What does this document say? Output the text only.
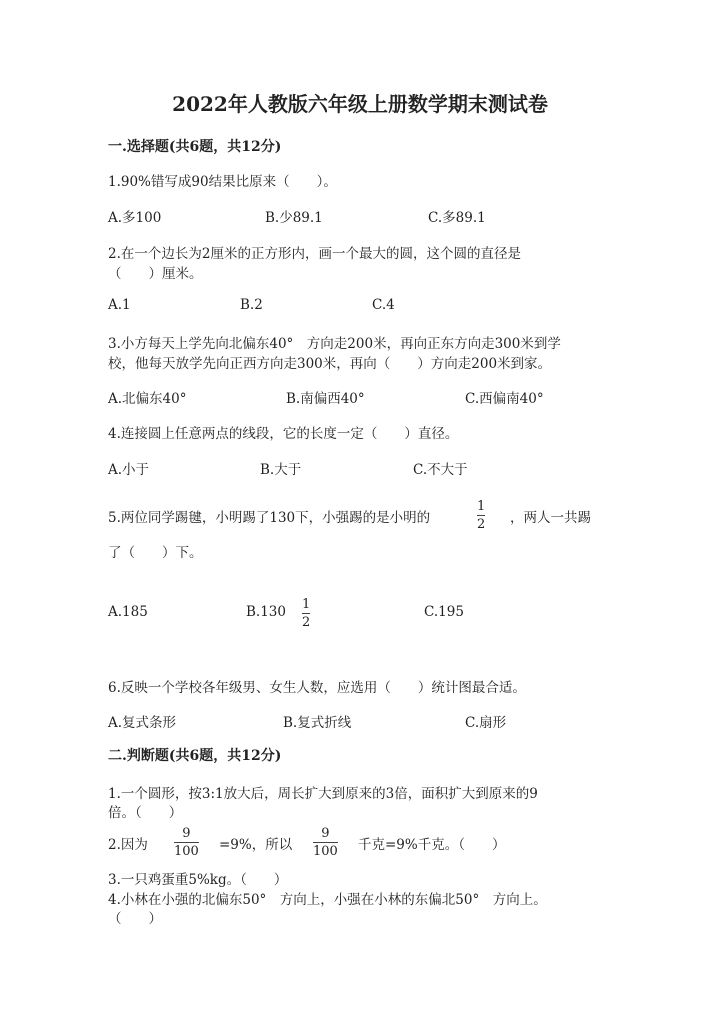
2022年人教版六年级上册数学期末测试卷
一.选择题(共6题，共12分)
1.90%错写成90结果比原来（　　）。
A.多100	B.少89.1	C.多89.1
2.在一个边长为2厘米的正方形内，画一个最大的圆，这个圆的直径是
（　　）厘米。
A.1	B.2	C.4
3.小方每天上学先向北偏东40°　方向走200米，再向正东方向走300米到学
校，他每天放学先向正西方向走300米，再向（　　）方向走200米到家。
A.北偏东40°	B.南偏西40°	C.西偏南40°
4.连接圆上任意两点的线段，它的长度一定（　　）直径。
A.小于	B.大于	C.不大于
5.两位同学踢毽，小明踢了130下，小强踢的是小明的
1
2 ，两人一共踢
了（　　）下。
A.185	B.130 1
2
C.195
6.反映一个学校各年级男、女生人数，应选用（　　）统计图最合适。
A.复式条形	B.复式折线	C.扇形
二.判断题(共6题，共12分)
1.一个圆形，按3:1放大后，周长扩大到原来的3倍，面积扩大到原来的9
倍。（　　）
2.因为
9
100 =9%，所以
9
100 千克=9%千克。（　　）
3.一只鸡蛋重5%kg。（　　）
4.小林在小强的北偏东50°　方向上，小强在小林的东偏北50°　方向上。
（　　）
